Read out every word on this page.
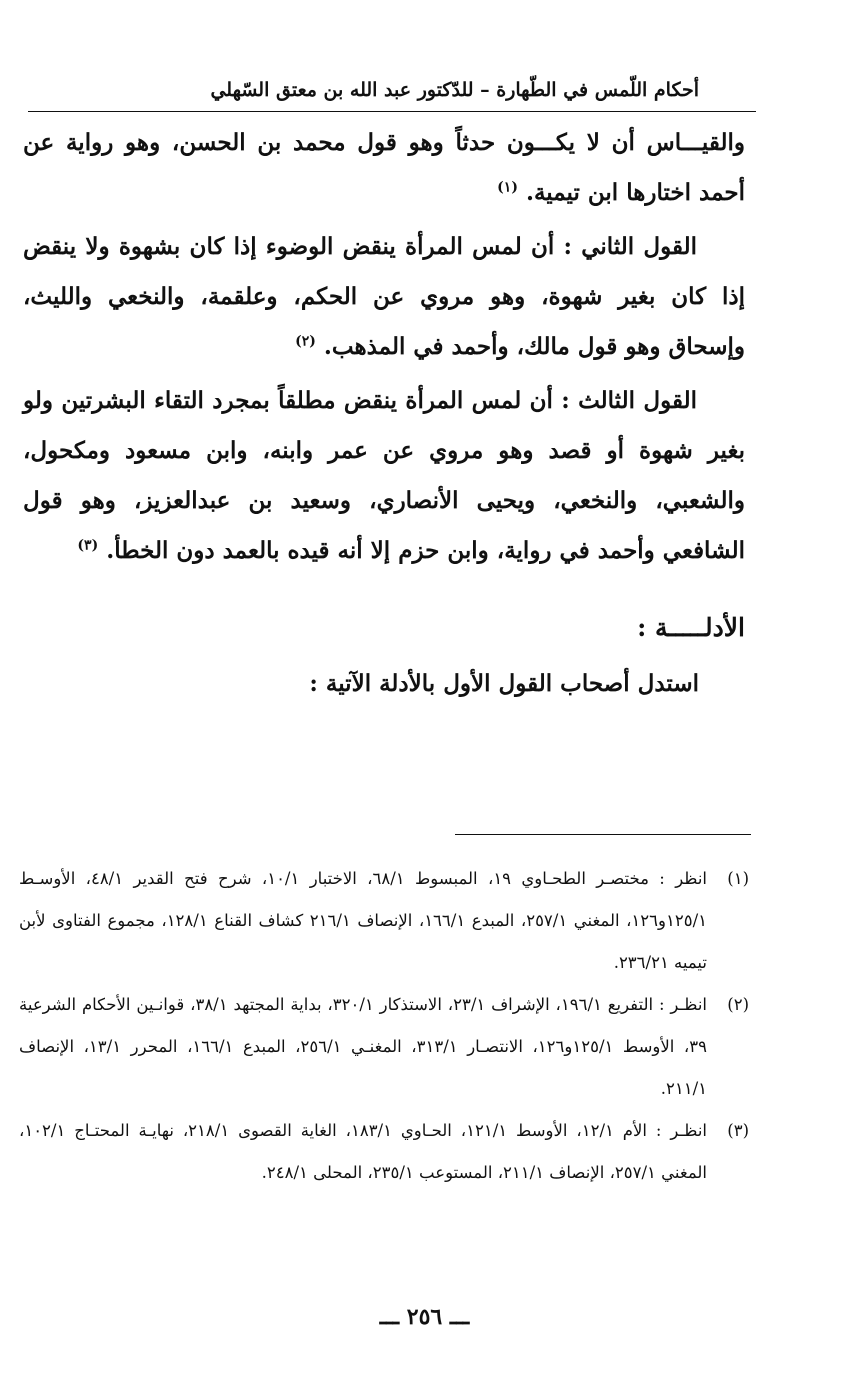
أحكام اللّمس في الطّهارة – للدّكتور عبد الله بن معتق السّهلي

والقيـــاس أن لا يكـــون حدثاً وهو قول محمد بن الحسن، وهو رواية عن أحمد اختارها ابن تيمية. $^{(١)}$

القول الثاني : أن لمس المرأة ينقض الوضوء إذا كان بشهوة ولا ينقض إذا كان بغير شهوة، وهو مروي عن الحكم، وعلقمة، والنخعي والليث، وإسحاق وهو قول مالك، وأحمد في المذهب. $^{(٢)}$

القول الثالث : أن لمس المرأة ينقض مطلقاً بمجرد التقاء البشرتين ولو بغير شهوة أو قصد وهو مروي عن عمر وابنه، وابن مسعود ومكحول، والشعبي، والنخعي، ويحيى الأنصاري، وسعيد بن عبدالعزيز، وهو قول الشافعي وأحمد في رواية، وابن حزم إلا أنه قيده بالعمد دون الخطأ. $^{(٣)}$

الأدلـــــة :
استدل أصحاب القول الأول بالأدلة الآتية :
(١)
انظر : مختصـر الطحـاوي ١٩، المبسوط ٦٨/١، الاختبار ١٠/١، شرح فتح القدير ٤٨/١، الأوسـط ١٢٥/١و١٢٦، المغني ٢٥٧/١، المبدع ١٦٦/١، الإنصاف ٢١٦/١ كشاف القناع ١٢٨/١، مجموع الفتاوى لأبن تيميه ٢٣٦/٢١.
(٢)
انظـر : التفريع ١٩٦/١، الإشراف ٢٣/١، الاستذكار ٣٢٠/١، بداية المجتهد ٣٨/١، قوانـين الأحكام الشرعية ٣٩، الأوسط ١٢٥/١و١٢٦، الانتصـار ٣١٣/١، المغنـي ٢٥٦/١، المبدع ١٦٦/١، المحرر ١٣/١، الإنصاف ٢١١/١.
(٣)
انظـر : الأم ١٢/١، الأوسط ١٢١/١، الحـاوي ١٨٣/١، الغاية القصوى ٢١٨/١، نهايـة المحتـاج ١٠٢/١، المغني ٢٥٧/١، الإنصاف ٢١١/١، المستوعب ٢٣٥/١، المحلى ٢٤٨/١.
ـــ ٢٥٦ ـــ
